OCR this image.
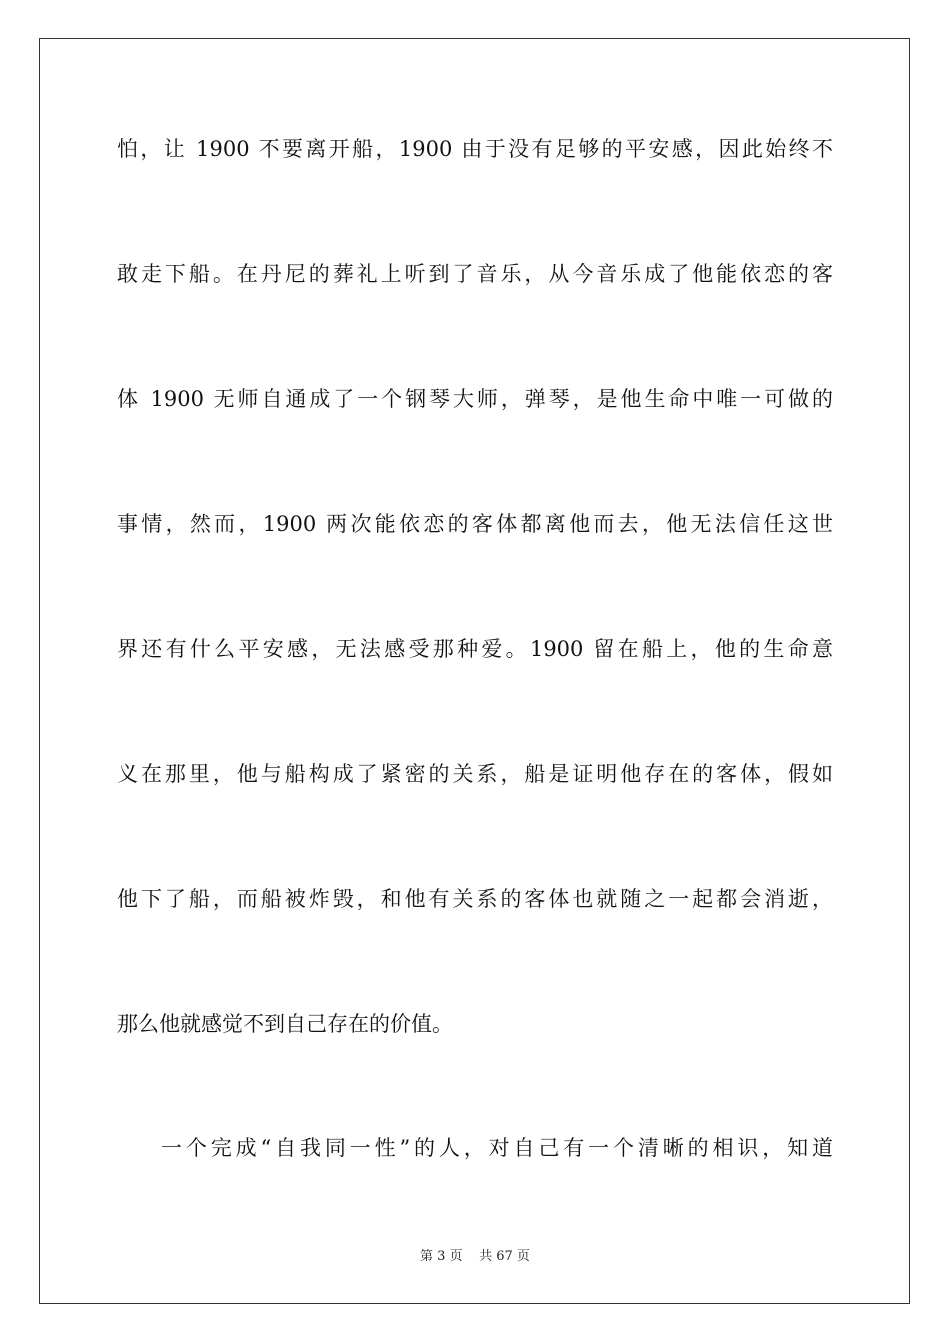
怕，让 1900 不要离开船，1900 由于没有足够的平安感，因此始终不
敢走下船。在丹尼的葬礼上听到了音乐，从今音乐成了他能依恋的客
体 1900 无师自通成了一个钢琴大师，弹琴，是他生命中唯一可做的
事情，然而，1900 两次能依恋的客体都离他而去，他无法信任这世
界还有什么平安感，无法感受那种爱。1900 留在船上，他的生命意
义在那里，他与船构成了紧密的关系，船是证明他存在的客体，假如
他下了船，而船被炸毁，和他有关系的客体也就随之一起都会消逝，
那么他就感觉不到自己存在的价值。
一个完成“自我同一性”的人，对自己有一个清晰的相识，知道
第 3 页 共 67 页
